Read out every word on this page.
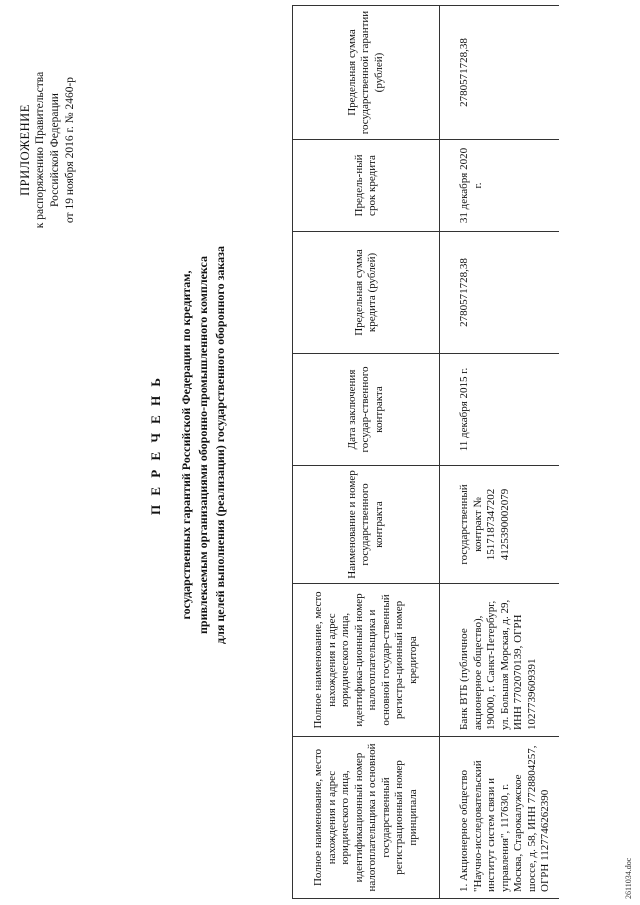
ПРИЛОЖЕНИЕ к распоряжению Правительства Российской Федерации от 19 ноября 2016 г. № 2460-р
П Е Р Е Ч Е Н Ь государственных гарантий Российской Федерации по кредитам, привлекаемым организациями оборонно-промышленного комплекса для целей выполнения (реализации) государственного оборонного заказа
Полное наименование, место нахождения и адрес юридического лица, идентификационный номер налогоплательщика и основной государственный регистрационный номер принципала	Полное наименование, место нахождения и адрес юридического лица, идентифика-ционный номер налогоплательщика и основной государ-ственный регистра-ционный номер кредитора	Наименование и номер государственного контракта	Дата заключения государ-ственного контракта	Предельная сумма кредита (рублей)	Предель-ный срок кредита	Предельная сумма государственной гарантии (рублей)
1. Акционерное общество "Научно-исследовательский институт систем связи и управления", 117630, г. Москва, Старокалужское шоссе, д. 58, ИНН 7728804257, ОГРН 1127746262390	Банк ВТБ (публичное акционерное общество), 190000, г. Санкт-Петербург, ул. Большая Морская, д. 29, ИНН 7702070139, ОГРН 1027739609391	государственный контракт № 1517187347202 4125390002079	11 декабря 2015 г.	2780571728,38	31 декабря 2020 г.	2780571728,38
2611034.doc
